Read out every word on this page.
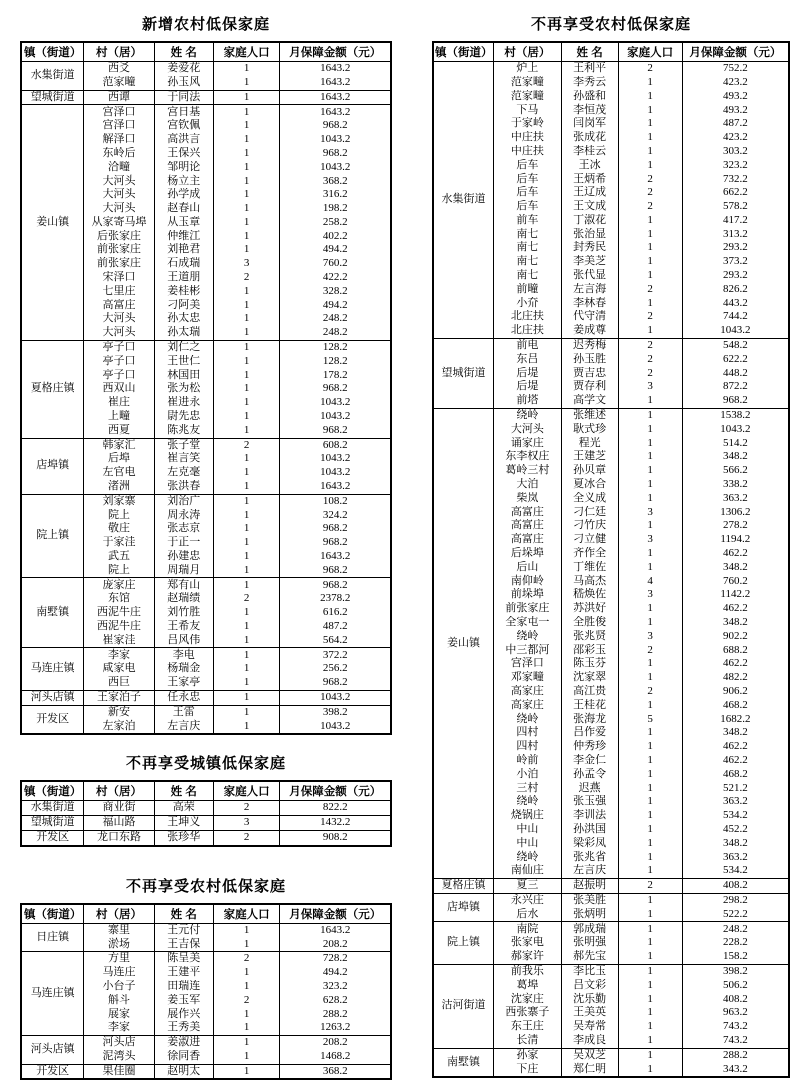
新增农村低保家庭
镇（街道）	村（居）	姓 名	家庭人口	月保障金额（元）
水集街道	西爻	姜爱花	1	1643.2
	范家疃	孙玉风	1	1643.2
望城街道	西谭	于同法	1	1643.2
姜山镇	宫泽口	宫日基	1	1643.2
	宫泽口	宫钦佩	1	968.2
	解泽口	高洪言	1	1043.2
	东岭后	王保兴	1	968.2
	洽疃	邹明论	1	1043.2
	大河头	杨立主	1	368.2
	大河头	孙学成	1	316.2
	大河头	赵春山	1	198.2
	从家寄马埠	从玉章	1	258.2
	后张家庄	仲维江	1	402.2
	前张家庄	刘艳君	1	494.2
	前张家庄	石成瑞	3	760.2
	宋泽口	王道朋	2	422.2
	七里庄	姜桂彬	1	328.2
	高富庄	刁阿美	1	494.2
	大河头	孙太忠	1	248.2
	大河头	孙太瑞	1	248.2
夏格庄镇	亭子口	刘仁之	1	128.2
	亭子口	王世仁	1	128.2
	亭子口	林国田	1	178.2
	西双山	张为松	1	968.2
	崔庄	崔进永	1	1043.2
	上疃	尉先忠	1	1043.2
	西夏	陈兆友	1	968.2
店埠镇	韩家汇	张子堂	2	608.2
	后埠	崔言笑	1	1043.2
	左官电	左克毫	1	1043.2
	渚洲	张洪春	1	1643.2
院上镇	刘家寨	刘治广	1	108.2
	院上	周永涛	1	324.2
	敬庄	张志京	1	968.2
	于家洼	于正一	1	968.2
	武五	孙建忠	1	1643.2
	院上	周瑞月	1	968.2
南墅镇	庞家庄	郑有山	1	968.2
	东馆	赵瑞绩	2	2378.2
	西泥牛庄	刘竹胜	1	616.2
	西泥牛庄	王希友	1	487.2
	崔家洼	吕风伟	1	564.2
马连庄镇	李家	李电	1	372.2
	咸家电	杨瑞金	1	256.2
	西巨	王家亭	1	968.2
河头店镇	王家泊子	任永忠	1	1043.2
开发区	新安	王雷	1	398.2
	左家泊	左言庆	1	1043.2
不再享受城镇低保家庭
镇（街道）	村（居）	姓 名	家庭人口	月保障金额（元）
水集街道	商业街	高荣	2	822.2
望城街道	福山路	王坤义	3	1432.2
开发区	龙口东路	张珍华	2	908.2
不再享受农村低保家庭
镇（街道）	村（居）	姓 名	家庭人口	月保障金额（元）
日庄镇	寨里	王元付	1	1643.2
	淤场	王吉保	1	208.2
马连庄镇	方里	陈呈美	2	728.2
	马连庄	王建平	1	494.2
	小台子	田瑞连	1	323.2
	斛斗	姜玉军	2	628.2
	展家	展作兴	1	288.2
	李家	王秀美	1	1263.2
河头店镇	河头店	姜淑进	1	208.2
	泥湾头	徐同香	1	1468.2
开发区	果佳圈	赵明太	1	368.2
不再享受农村低保家庭
镇（街道）	村（居）	姓 名	家庭人口	月保障金额（元）
水集街道	炉上	王利平	2	752.2
	范家疃	李秀云	1	423.2
	范家疃	孙盛和	1	493.2
	下马	李恒茂	1	493.2
	于家岭	闫岗军	1	487.2
	中庄扶	张成花	1	423.2
	中庄扶	李桂云	1	303.2
	后车	王冰	1	323.2
	后车	王炳希	2	732.2
	后车	王辽成	2	662.2
	后车	王文成	2	578.2
	前车	丁淑花	1	417.2
	南七	张治显	1	313.2
	南七	封秀民	1	293.2
	南七	李美芝	1	373.2
	南七	张代显	1	293.2
	前疃	左言海	2	826.2
	小夼	李林春	1	443.2
	北庄扶	代守清	2	744.2
	北庄扶	姜成尊	1	1043.2
望城街道	前电	迟秀梅	2	548.2
	东吕	孙玉胜	2	622.2
	后堤	贾吉忠	2	448.2
	后堤	贾存利	3	872.2
	前塔	高学文	1	968.2
姜山镇	绕岭	张维述	1	1538.2
	大河头	耿式珍	1	1043.2
	诵家庄	程光	1	514.2
	东李权庄	王建芝	1	348.2
	葛岭三村	孙贝章	1	566.2
	大泊	夏冰合	1	338.2
	柴岚	全义成	1	363.2
	高富庄	刁仁廷	3	1306.2
	高富庄	刁竹庆	1	278.2
	高富庄	刁立健	3	1194.2
	后垛埠	齐作全	1	462.2
	后山	丁维佐	1	348.2
	南仰岭	马高杰	4	760.2
	前垛埠	嵇焕佐	3	1142.2
	前张家庄	苏洪好	1	462.2
	全家屯一	全胜俊	1	348.2
	绕岭	张兆贤	3	902.2
	中三都河	邵彩玉	2	688.2
	宫泽口	陈玉芬	1	462.2
	邓家疃	沈家翠	1	482.2
	高家庄	高江贵	2	906.2
	高家庄	王桂花	1	468.2
	绕岭	张海龙	5	1682.2
	四村	吕作爱	1	348.2
	四村	仲秀珍	1	462.2
	岭前	李金仁	1	462.2
	小泊	孙孟令	1	468.2
	三村	迟燕	1	521.2
	绕岭	张玉强	1	363.2
	烧锅庄	李训法	1	534.2
	中山	孙洪国	1	452.2
	中山	梁彩凤	1	348.2
	绕岭	张兆省	1	363.2
	南仙庄	左言庆	1	534.2
夏格庄镇	夏三	赵振明	2	408.2
店埠镇	永兴庄	张美胜	1	298.2
	后水	张炳明	1	522.2
院上镇	南院	郭成瑞	1	248.2
	张家电	张明强	1	228.2
	郝家许	郝先宝	1	158.2
沽河街道	前我乐	李比玉	1	398.2
	葛埠	吕文彩	1	506.2
	沈家庄	沈乐勤	1	408.2
	西张寨子	王美英	1	963.2
	东王庄	吴寿常	1	743.2
	长清	李成良	1	743.2
南墅镇	孙家	吴双芝	1	288.2
	下庄	郑仁明	1	343.2
